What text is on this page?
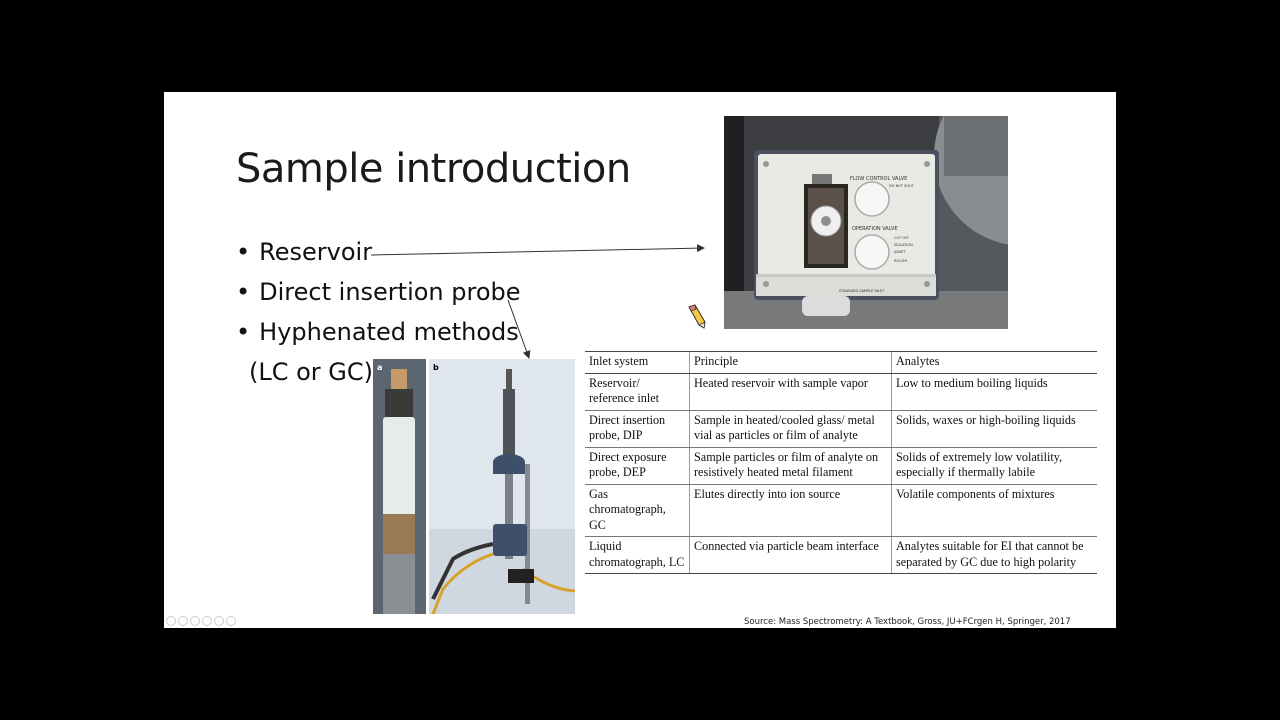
Sample introduction
• Reservoir
• Direct insertion probe
• Hyphenated methods
(LC or GC)
FLOW CONTROL VALVE
DO NOT SHUT
OPERATION VALVE
CUT OFF
ISOLATION
ADMIT
ROUGH
STANDARD SAMPLE INLET
a	b	Inlet system	Principle	Analytes
Reservoir/ reference inlet	Heated reservoir with sample vapor	Low to medium boiling liquids
Direct insertion probe, DIP	Sample in heated/cooled glass/ metal vial as particles or film of analyte	Solids, waxes or high-boiling liquids
Direct exposure probe, DEP	Sample particles or film of analyte on resistively heated metal filament	Solids of extremely low volatility, especially if thermally labile
Gas chromatograph, GC	Elutes directly into ion source	Volatile components of mixtures
Liquid chromatograph, LC	Connected via particle beam interface	Analytes suitable for EI that cannot be separated by GC due to high polarity
Source: Mass Spectrometry: A Textbook, Gross, JU+FCrgen H, Springer, 2017
